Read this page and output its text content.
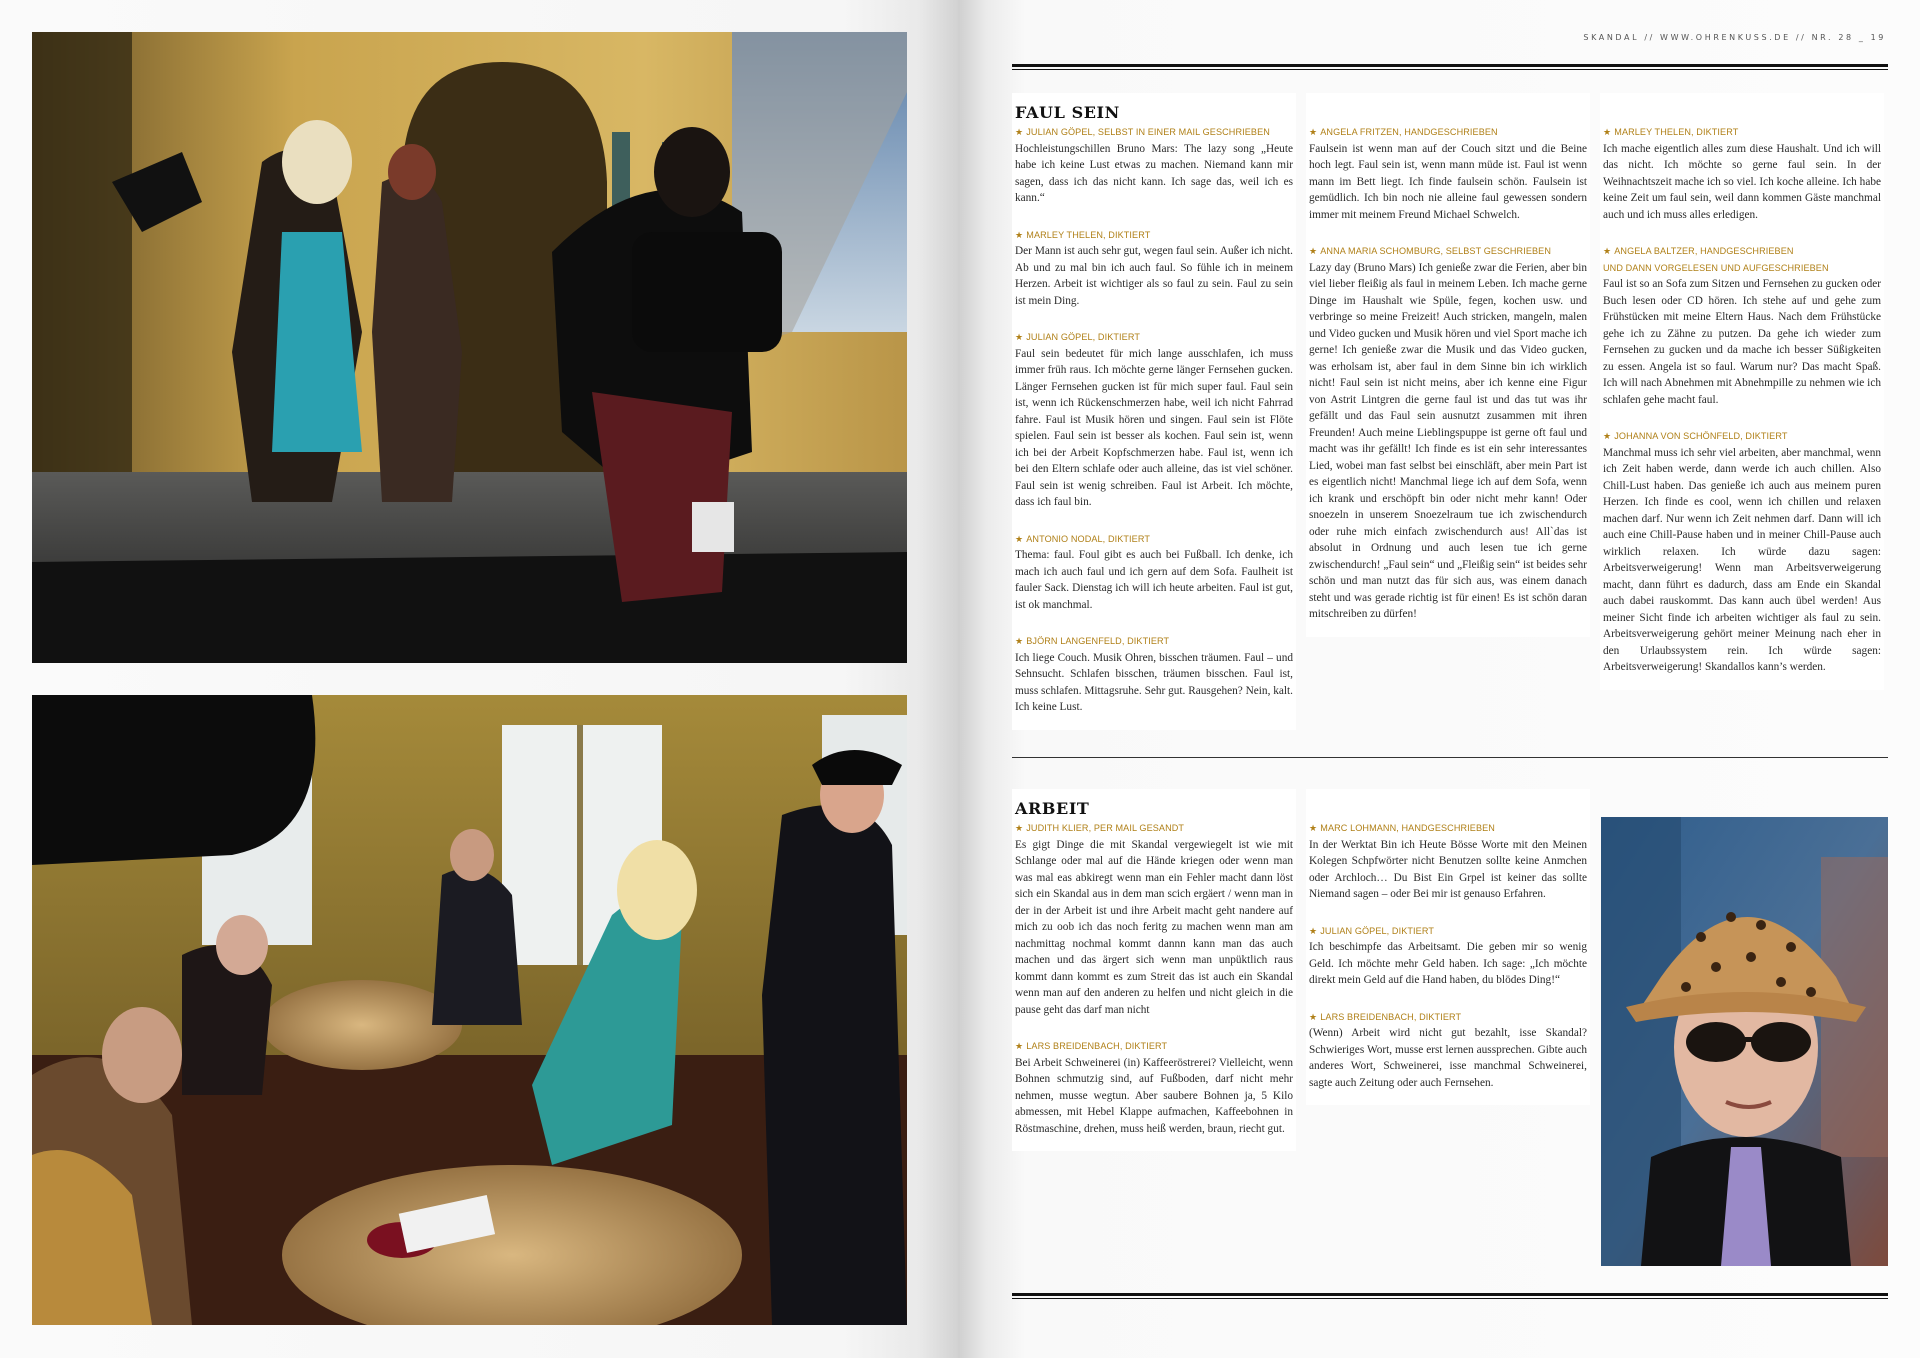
SKANDAL // WWW.OHRENKUSS.DE // NR. 28 _ 19
FAUL SEIN
★ JULIAN GÖPEL, SELBST IN EINER MAIL GESCHRIEBEN

Hochleistungschillen Bruno Mars: The lazy song „Heute habe ich keine Lust etwas zu machen. Niemand kann mir sagen, dass ich das nicht kann. Ich sage das, weil ich es kann.“

★ MARLEY THELEN, DIKTIERT

Der Mann ist auch sehr gut, wegen faul sein. Außer ich nicht. Ab und zu mal bin ich auch faul. So fühle ich in meinem Herzen. Arbeit ist wichtiger als so faul zu sein. Faul zu sein ist mein Ding.

★ JULIAN GÖPEL, DIKTIERT

Faul sein bedeutet für mich lange ausschlafen, ich muss immer früh raus. Ich möchte gerne länger Fernsehen gucken. Länger Fernsehen gucken ist für mich super faul. Faul sein ist, wenn ich Rückenschmerzen habe, weil ich nicht Fahrrad fahre. Faul ist Musik hören und singen. Faul sein ist Flöte spielen. Faul sein ist besser als kochen. Faul sein ist, wenn ich bei der Arbeit Kopfschmerzen habe. Faul ist, wenn ich bei den Eltern schlafe oder auch alleine, das ist viel schöner. Faul sein ist wenig schreiben. Faul ist Arbeit. Ich möchte, dass ich faul bin.

★ ANTONIO NODAL, DIKTIERT

Thema: faul. Foul gibt es auch bei Fußball. Ich denke, ich mach ich auch faul und ich gern auf dem Sofa. Faulheit ist fauler Sack. Dienstag ich will ich heute arbeiten. Faul ist gut, ist ok manchmal.

★ BJÖRN LANGENFELD, DIKTIERT

Ich liege Couch. Musik Ohren, bisschen träumen. Faul – und Sehnsucht. Schlafen bisschen, träumen bisschen. Faul ist, muss schlafen. Mittagsruhe. Sehr gut. Rausgehen? Nein, kalt. Ich keine Lust.

★ ANGELA FRITZEN, HANDGESCHRIEBEN

Faulsein ist wenn man auf der Couch sitzt und die Beine hoch legt. Faul sein ist, wenn mann müde ist. Faul ist wenn mann im Bett liegt. Ich finde faulsein schön. Faulsein ist gemüdlich. Ich bin noch nie alleine faul gewessen sondern immer mit meinem Freund Michael Schwelch.

★ ANNA MARIA SCHOMBURG, SELBST GESCHRIEBEN

Lazy day (Bruno Mars) Ich genieße zwar die Ferien, aber bin viel lieber fleißig als faul in meinem Leben. Ich mache gerne Dinge im Haushalt wie Spüle, fegen, kochen usw. und verbringe so meine Freizeit! Auch stricken, mangeln, malen und Video gucken und Musik hören und viel Sport mache ich gerne! Ich genieße zwar die Musik und das Video gucken, was erholsam ist, aber faul in dem Sinne bin ich wirklich nicht! Faul sein ist nicht meins, aber ich kenne eine Figur von Astrit Lintgren die gerne faul ist und das tut was ihr gefällt und das Faul sein ausnutzt zusammen mit ihren Freunden! Auch meine Lieblingspuppe ist gerne oft faul und macht was ihr gefällt! Ich finde es ist ein sehr interessantes Lied, wobei man fast selbst bei einschläft, aber mein Part ist es eigentlich nicht! Manchmal liege ich auf dem Sofa, wenn ich krank und erschöpft bin oder nicht mehr kann! Oder snoezeln in unserem Snoezelraum tue ich zwischendurch oder ruhe mich einfach zwischendurch aus! All`das ist absolut in Ordnung und auch lesen tue ich gerne zwischendurch! „Faul sein“ und „Fleißig sein“ ist beides sehr schön und man nutzt das für sich aus, was einem danach steht und was gerade richtig ist für einen! Es ist schön daran mitschreiben zu dürfen!

★ MARLEY THELEN, DIKTIERT

Ich mache eigentlich alles zum diese Haushalt. Und ich will das nicht. Ich möchte so gerne faul sein. In der Weihnachtszeit mache ich so viel. Ich koche alleine. Ich habe keine Zeit um faul sein, weil dann kommen Gäste manchmal auch und ich muss alles erledigen.

★ ANGELA BALTZER, HANDGESCHRIEBEN
UND DANN VORGELESEN UND AUFGESCHRIEBEN

Faul ist so an Sofa zum Sitzen und Fernsehen zu gucken oder Buch lesen oder CD hören. Ich stehe auf und gehe zum Frühstücken mit meine Eltern Haus. Nach dem Frühstücke gehe ich zu Zähne zu putzen. Da gehe ich wieder zum Fernsehen zu gucken und da mache ich besser Süßigkeiten zu essen. Angela ist so faul. Warum nur? Das macht Spaß. Ich will nach Abnehmen mit Abnehmpille zu nehmen wie ich schlafen gehe macht faul.

★ JOHANNA VON SCHÖNFELD, DIKTIERT

Manchmal muss ich sehr viel arbeiten, aber manchmal, wenn ich Zeit haben werde, dann werde ich auch chillen. Also Chill-Lust haben. Das genieße ich auch aus meinem puren Herzen. Ich finde es cool, wenn ich chillen und relaxen machen darf. Nur wenn ich Zeit nehmen darf. Dann will ich auch eine Chill-Pause haben und in meiner Chill-Pause auch wirklich relaxen. Ich würde dazu sagen: Arbeitsverweigerung! Wenn man Arbeitsverweigerung macht, dann führt es dadurch, dass am Ende ein Skandal auch dabei rauskommt. Das kann auch übel werden! Aus meiner Sicht finde ich arbeiten wichtiger als faul zu sein. Arbeitsverweigerung gehört meiner Meinung nach eher in den Urlaubssystem rein. Ich würde sagen: Arbeitsverweigerung! Skandallos kann’s werden.

ARBEIT
★ JUDITH KLIER, PER MAIL GESANDT

Es gigt Dinge die mit Skandal vergewiegelt ist wie mit Schlange oder mal auf die Hände kriegen oder wenn man was mal eas abkiregt wenn man ein Fehler macht dann löst sich ein Skandal aus in dem man scich ergäert / wenn man in der in der Arbeit ist und ihre Arbeit macht geht nandere auf mich zu oob ich das noch feritg zu machen wenn man am nachmittag nochmal kommt dannn kann man das auch machen und das ärgert sich wenn man unpüktlich raus kommt dann kommt es zum Streit das ist auch ein Skandal wenn man auf den anderen zu helfen und nicht gleich in die pause geht das darf man nicht

★ LARS BREIDENBACH, DIKTIERT

Bei Arbeit Schweinerei (in) Kaffeeröstrerei? Vielleicht, wenn Bohnen schmutzig sind, auf Fußboden, darf nicht mehr nehmen, musse wegtun. Aber saubere Bohnen ja, 5 Kilo abmessen, mit Hebel Klappe aufmachen, Kaffeebohnen in Röstmaschine, drehen, muss heiß werden, braun, riecht gut.

★ MARC LOHMANN, HANDGESCHRIEBEN

In der Werktat Bin ich Heute Bösse Worte mit den Meinen Kolegen Schpfwörter nicht Benutzen sollte keine Anmchen oder Archloch… Du Bist Ein Grpel ist keiner das sollte Niemand sagen – oder Bei mir ist genauso Erfahren.

★ JULIAN GÖPEL, DIKTIERT

Ich beschimpfe das Arbeitsamt. Die geben mir so wenig Geld. Ich möchte mehr Geld haben. Ich sage: „Ich möchte direkt mein Geld auf die Hand haben, du blödes Ding!“

★ LARS BREIDENBACH, DIKTIERT

(Wenn) Arbeit wird nicht gut bezahlt, isse Skandal? Schwieriges Wort, musse erst lernen aussprechen. Gibte auch anderes Wort, Schweinerei, isse manchmal Schweinerei, sagte auch Zeitung oder auch Fernsehen.
